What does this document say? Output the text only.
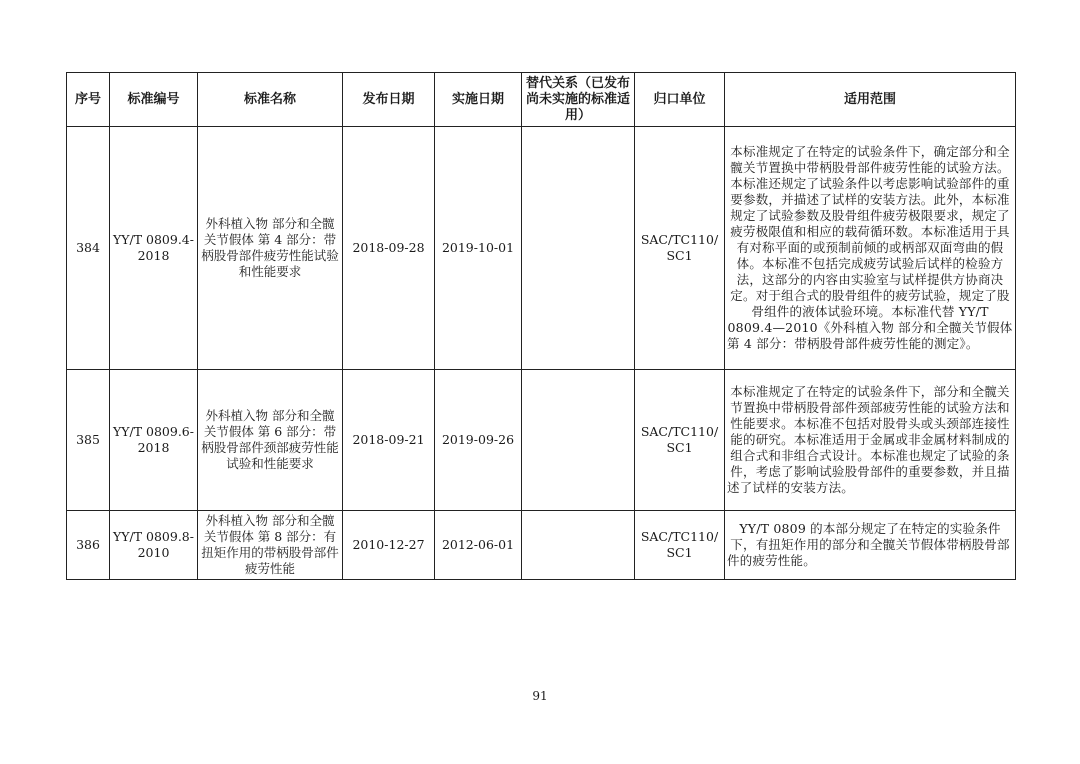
序号	标准编号	标准名称	发布日期	实施日期	替代关系（已发布尚未实施的标准适用）	归口单位	适用范围
384	YY/T 0809.4-2018	外科植入物 部分和全髋关节假体 第 4 部分：带柄股骨部件疲劳性能试验和性能要求	2018-09-28	2019-10-01		SAC/TC110/SC1	本标准规定了在特定的试验条件下，确定部分和全髋关节置换中带柄股骨部件疲劳性能的试验方法。本标准还规定了试验条件以考虑影响试验部件的重要参数，并描述了试样的安装方法。此外，本标准规定了试验参数及股骨组件疲劳极限要求，规定了疲劳极限值和相应的载荷循环数。本标准适用于具有对称平面的或预制前倾的或柄部双面弯曲的假体。本标准不包括完成疲劳试验后试样的检验方法，这部分的内容由实验室与试样提供方协商决定。对于组合式的股骨组件的疲劳试验，规定了股骨组件的液体试验环境。本标准代替 YY/T 0809.4—2010《外科植入物 部分和全髋关节假体 第 4 部分：带柄股骨部件疲劳性能的测定》。
385	YY/T 0809.6-2018	外科植入物 部分和全髋关节假体 第 6 部分：带柄股骨部件颈部疲劳性能试验和性能要求	2018-09-21	2019-09-26		SAC/TC110/SC1	本标准规定了在特定的试验条件下，部分和全髋关节置换中带柄股骨部件颈部疲劳性能的试验方法和性能要求。本标准不包括对股骨头或头颈部连接性能的研究。本标准适用于金属或非金属材料制成的组合式和非组合式设计。本标准也规定了试验的条件，考虑了影响试验股骨部件的重要参数，并且描述了试样的安装方法。
386	YY/T 0809.8-2010	外科植入物 部分和全髋关节假体 第 8 部分：有扭矩作用的带柄股骨部件疲劳性能	2010-12-27	2012-06-01		SAC/TC110/SC1	YY/T 0809 的本部分规定了在特定的实验条件下，有扭矩作用的部分和全髋关节假体带柄股骨部件的疲劳性能。
91
